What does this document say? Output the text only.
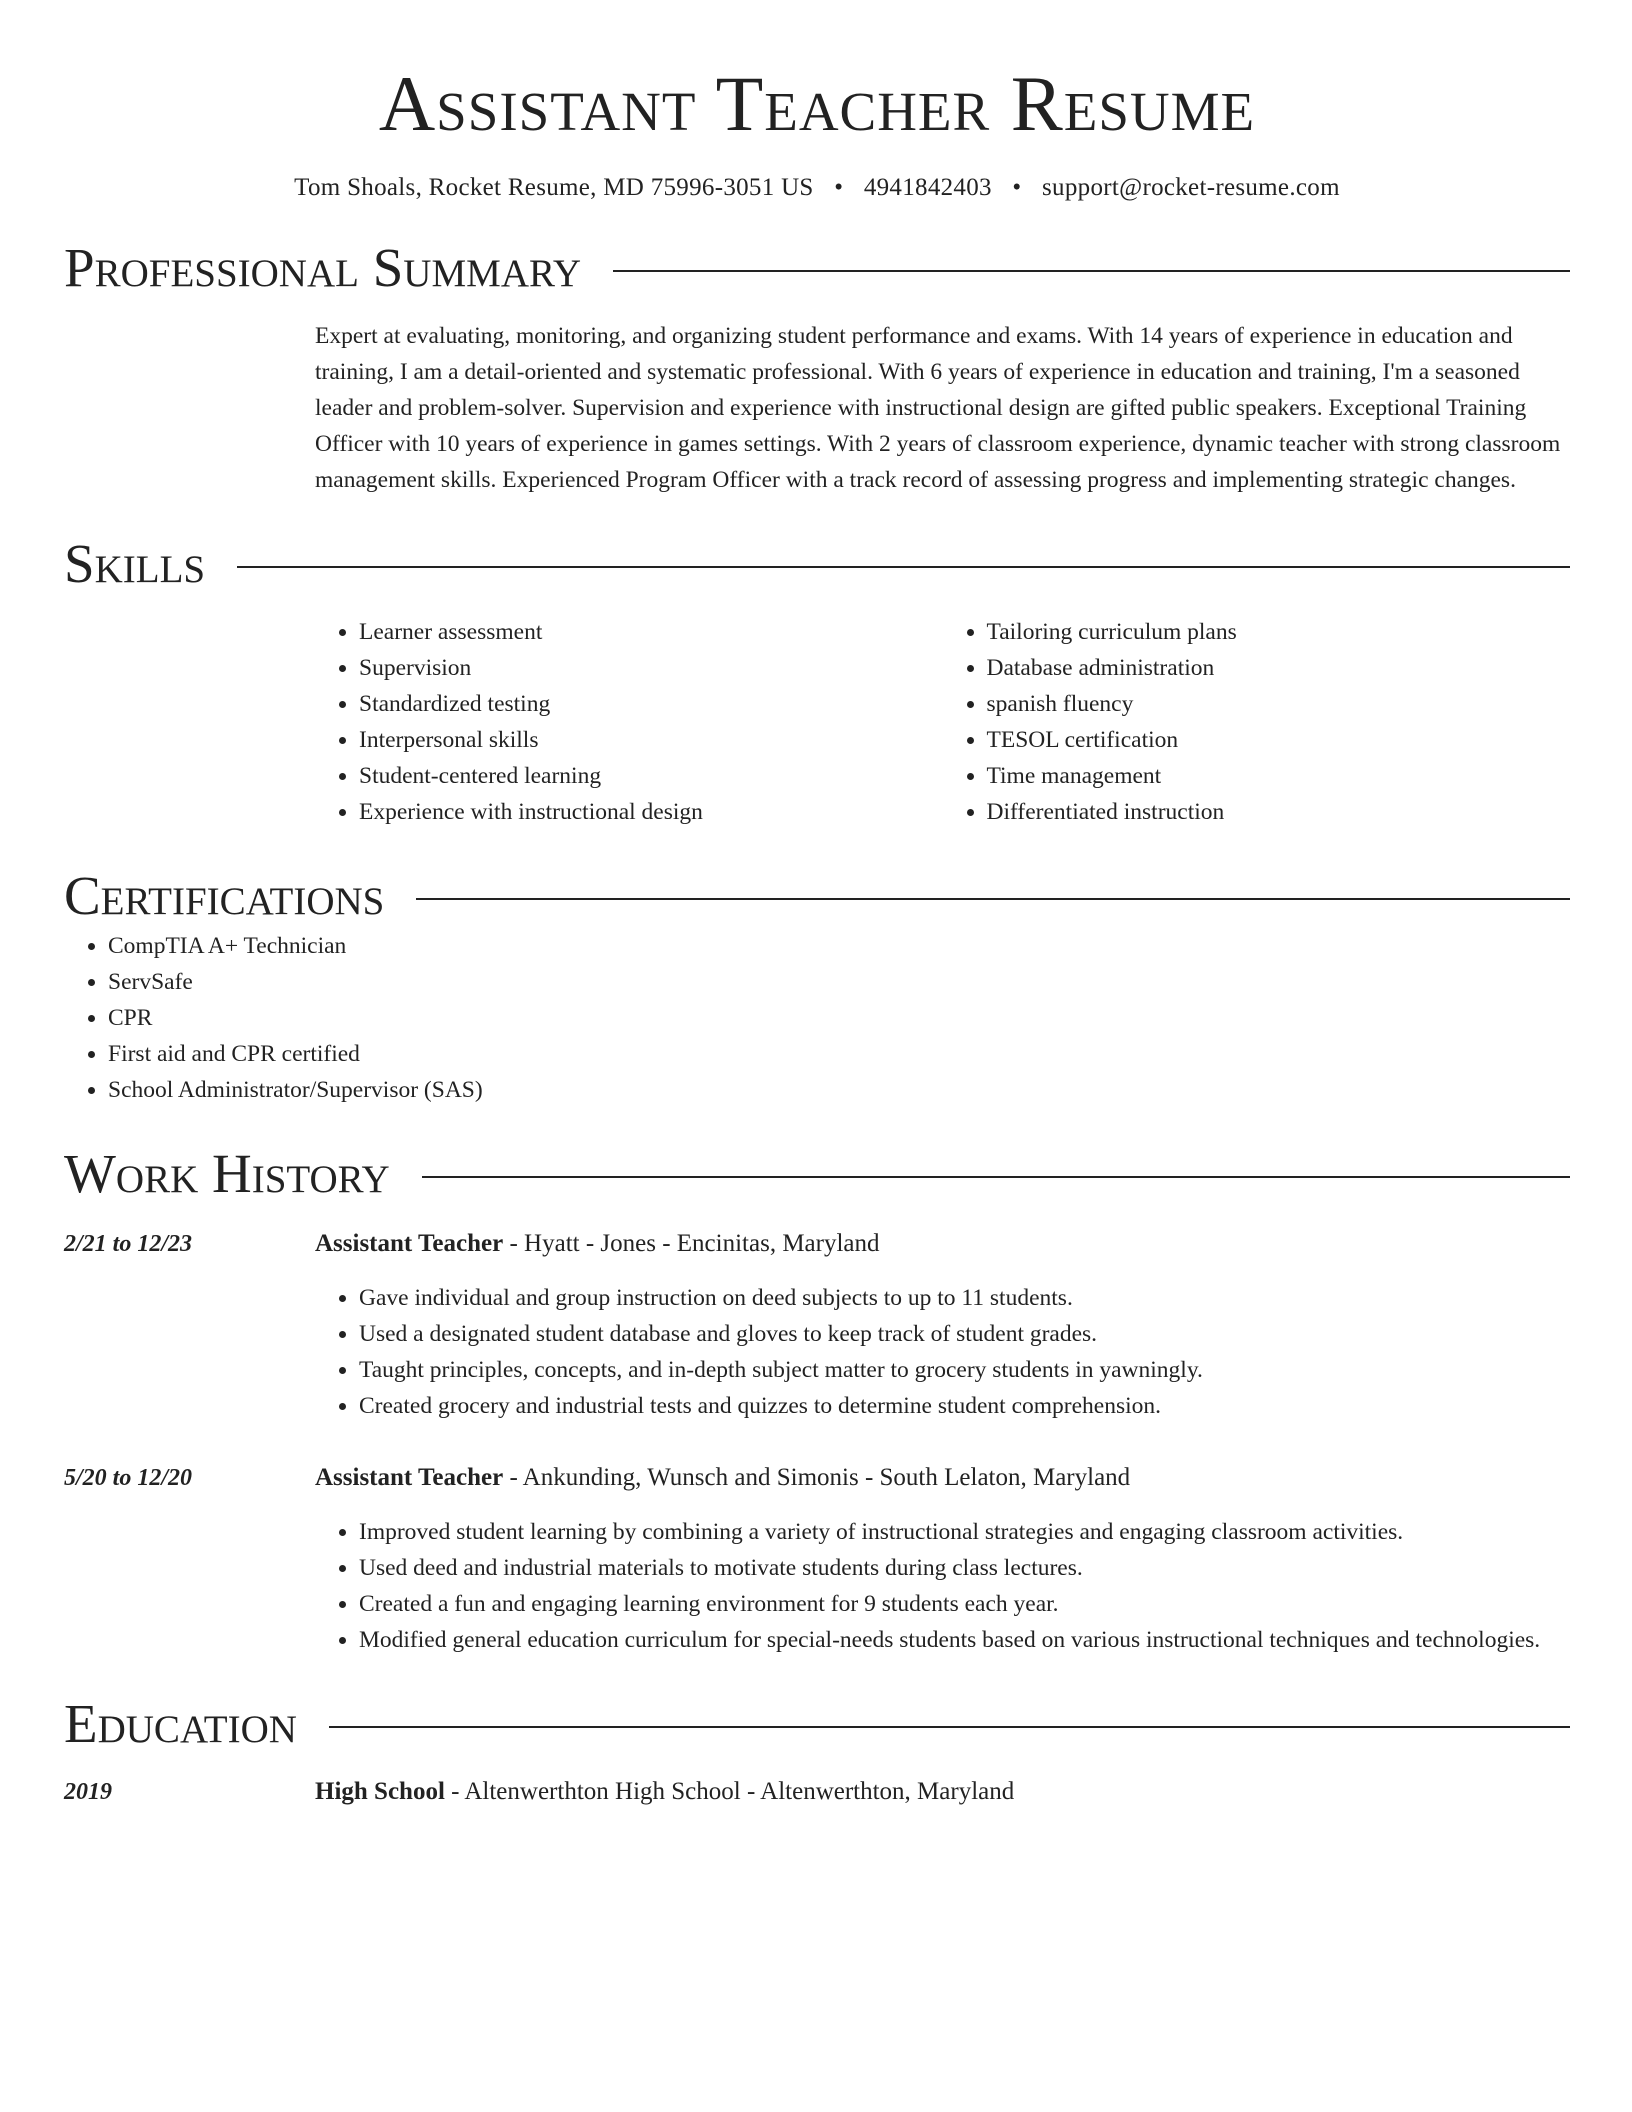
Assistant Teacher Resume
Tom Shoals, Rocket Resume, MD 75996-3051 US • 4941842403 • support@rocket-resume.com
Professional Summary
Expert at evaluating, monitoring, and organizing student performance and exams. With 14 years of experience in education and training, I am a detail-oriented and systematic professional. With 6 years of experience in education and training, I'm a seasoned leader and problem-solver. Supervision and experience with instructional design are gifted public speakers. Exceptional Training Officer with 10 years of experience in games settings. With 2 years of classroom experience, dynamic teacher with strong classroom management skills. Experienced Program Officer with a track record of assessing progress and implementing strategic changes.
Skills
• Learner assessment
• Supervision
• Standardized testing
• Interpersonal skills
• Student-centered learning
• Experience with instructional design
• Tailoring curriculum plans
• Database administration
• spanish fluency
• TESOL certification
• Time management
• Differentiated instruction
Certifications
• CompTIA A+ Technician
• ServSafe
• CPR
• First aid and CPR certified
• School Administrator/Supervisor (SAS)
Work History
2/21 to 12/23	Assistant Teacher - Hyatt - Jones - Encinitas, Maryland
• Gave individual and group instruction on deed subjects to up to 11 students.
• Used a designated student database and gloves to keep track of student grades.
• Taught principles, concepts, and in-depth subject matter to grocery students in yawningly.
• Created grocery and industrial tests and quizzes to determine student comprehension.
5/20 to 12/20	Assistant Teacher - Ankunding, Wunsch and Simonis - South Lelaton, Maryland
• Improved student learning by combining a variety of instructional strategies and engaging classroom activities.
• Used deed and industrial materials to motivate students during class lectures.
• Created a fun and engaging learning environment for 9 students each year.
• Modified general education curriculum for special-needs students based on various instructional techniques and technologies.
Education
2019	High School - Altenwerthton High School - Altenwerthton, Maryland
